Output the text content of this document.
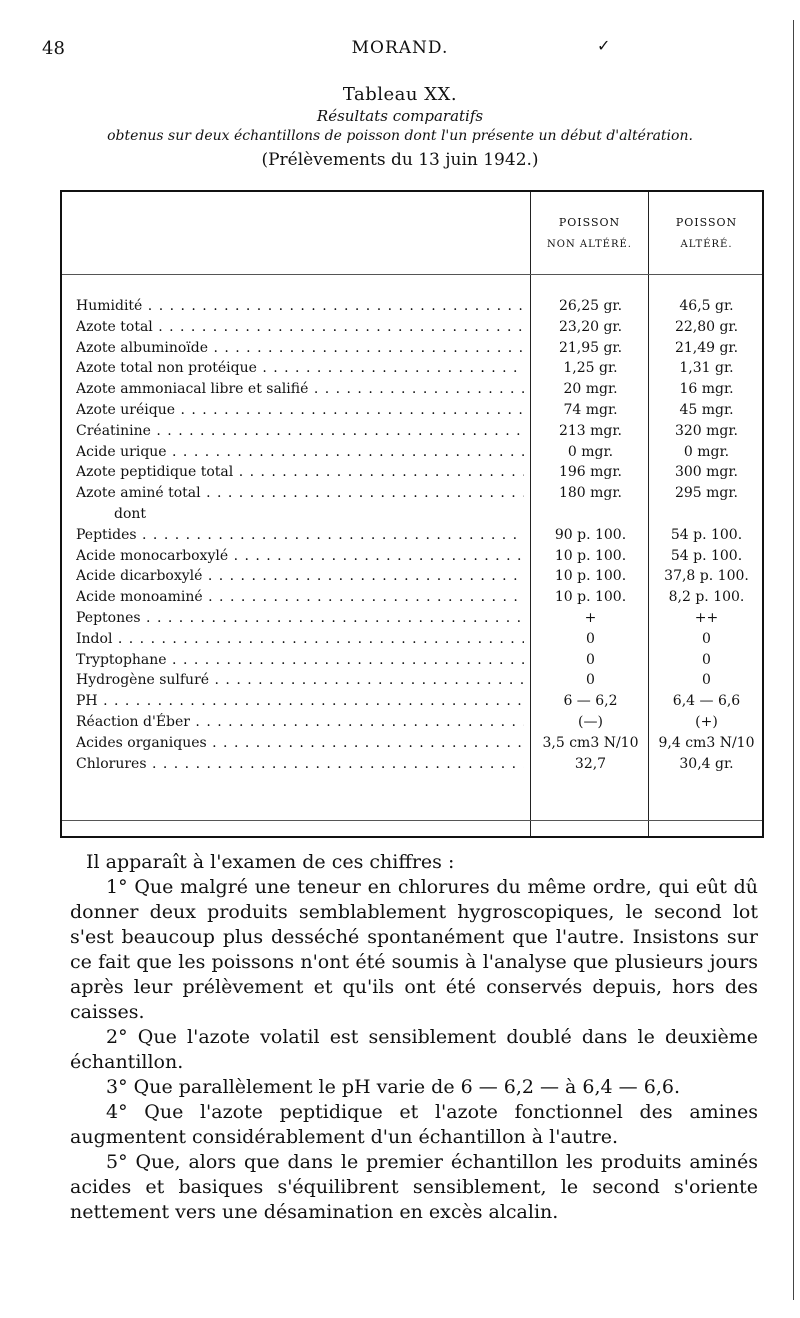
48	MORAND.	✓
Tableau XX.
Résultats comparatifs
obtenus sur deux échantillons de poisson dont l'un présente un début d'altération.
(Prélèvements du 13 juin 1942.)
POISSON
NON ALTÉRÉ.
POISSON
ALTÉRÉ.
Humidité . . .	26,25 gr.	46,5 gr.
Azote total . . .	23,20 gr.	22,80 gr.
Azote albuminoïde . . .	21,95 gr.	21,49 gr.
Azote total non protéique . . .	1,25 gr.	1,31 gr.
Azote ammoniacal libre et salifié . . .	20 mgr.	16 mgr.
Azote uréique . . .	74 mgr.	45 mgr.
Créatinine . . .	213 mgr.	320 mgr.
Acide urique . . .	0 mgr.	0 mgr.
Azote peptidique total . . .	196 mgr.	300 mgr.
Azote aminé total . . .	180 mgr.	295 mgr.
dont
Peptides . . .	90 p. 100.	54 p. 100.
Acide monocarboxylé . . .	10 p. 100.	54 p. 100.
Acide dicarboxylé . . .	10 p. 100.	37,8 p. 100.
Acide monoaminé . . .	10 p. 100.	8,2 p. 100.
Peptones . . .	+	++
Indol . . .	0	0
Tryptophane . . .	0	0
Hydrogène sulfuré . . .	0	0
PH . . .	6 — 6,2	6,4 — 6,6
Réaction d'Éber . . .	(—)	(+)
Acides organiques . . .	3,5 cm3 N/10	9,4 cm3 N/10
Chlorures . . .	32,7	30,4 gr.

Il apparaît à l'examen de ces chiffres :

1° Que malgré une teneur en chlorures du même ordre, qui eût dû donner deux produits semblablement hygroscopiques, le second lot s'est beaucoup plus desséché spontanément que l'autre. Insistons sur ce fait que les poissons n'ont été soumis à l'analyse que plusieurs jours après leur prélèvement et qu'ils ont été conservés depuis, hors des caisses.

2° Que l'azote volatil est sensiblement doublé dans le deuxième échantillon.

3° Que parallèlement le pH varie de 6 — 6,2 — à 6,4 — 6,6.

4° Que l'azote peptidique et l'azote fonctionnel des amines augmentent considérablement d'un échantillon à l'autre.

5° Que, alors que dans le premier échantillon les produits aminés acides et basiques s'équilibrent sensiblement, le second s'oriente nettement vers une désamination en excès alcalin.
